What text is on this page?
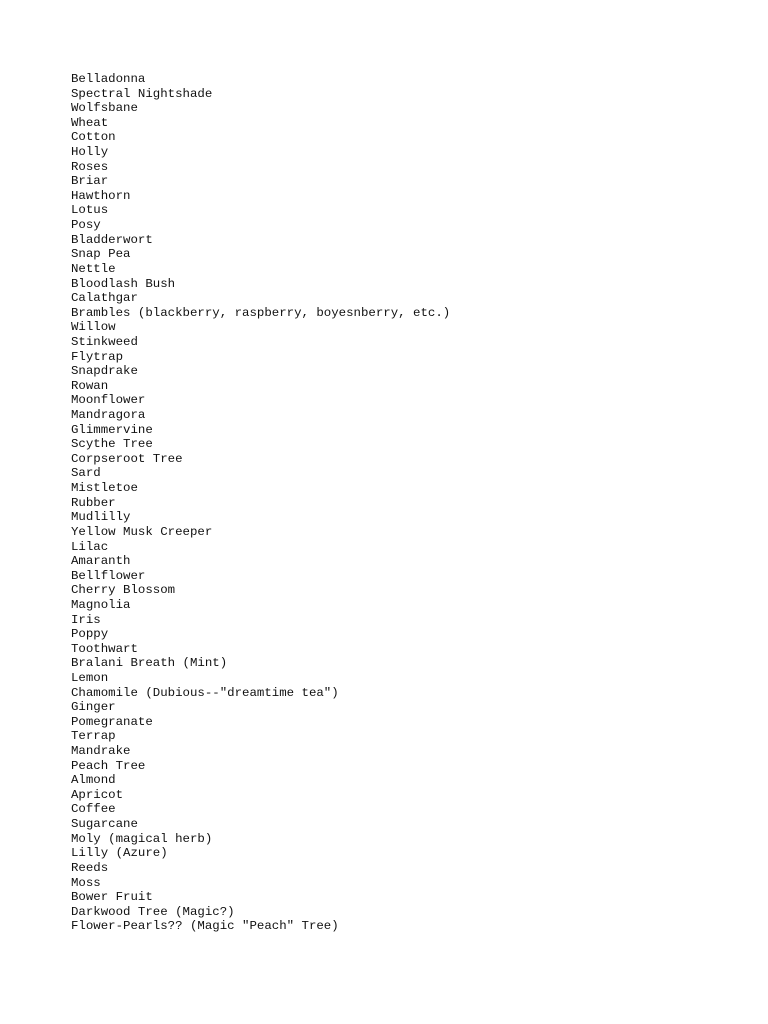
Belladonna
Spectral Nightshade
Wolfsbane
Wheat
Cotton
Holly
Roses
Briar
Hawthorn
Lotus
Posy
Bladderwort
Snap Pea
Nettle
Bloodlash Bush
Calathgar
Brambles (blackberry, raspberry, boyesnberry, etc.)
Willow
Stinkweed
Flytrap
Snapdrake
Rowan
Moonflower
Mandragora
Glimmervine
Scythe Tree
Corpseroot Tree
Sard
Mistletoe
Rubber
Mudlilly
Yellow Musk Creeper
Lilac
Amaranth
Bellflower
Cherry Blossom
Magnolia
Iris
Poppy
Toothwart
Bralani Breath (Mint)
Lemon
Chamomile (Dubious--"dreamtime tea")
Ginger
Pomegranate
Terrap
Mandrake
Peach Tree
Almond
Apricot
Coffee
Sugarcane
Moly (magical herb)
Lilly (Azure)
Reeds
Moss
Bower Fruit
Darkwood Tree (Magic?)
Flower-Pearls?? (Magic "Peach" Tree)
